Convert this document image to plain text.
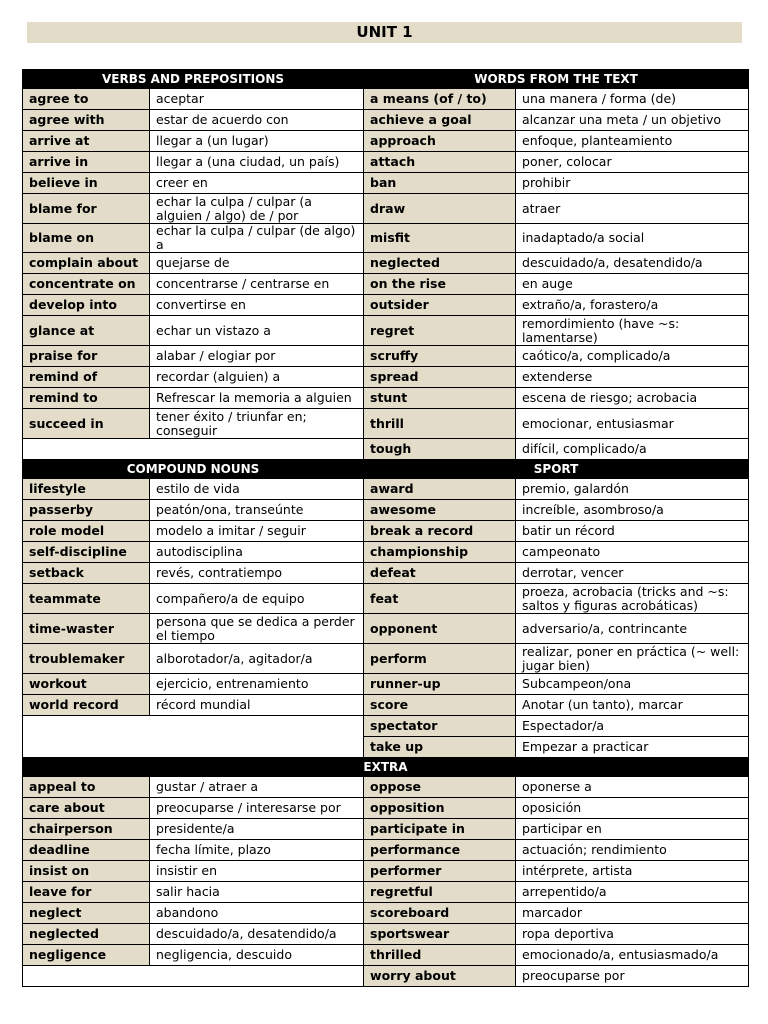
UNIT 1
VERBS AND PREPOSITIONS		WORDS FROM THE TEXT	
agree to	aceptar	a means (of / to)	una manera / forma (de)
agree with	estar de acuerdo con	achieve a goal	alcanzar una meta / un objetivo
arrive at	llegar a (un lugar)	approach	enfoque, planteamiento
arrive in	llegar a (una ciudad, un país)	attach	poner, colocar
believe in	creer en	ban	prohibir
blame for	echar la culpa / culpar (a alguien / algo) de / por	draw	atraer
blame on	echar la culpa / culpar (de algo) a	misfit	inadaptado/a social
complain about	quejarse de	neglected	descuidado/a, desatendido/a
concentrate on	concentrarse / centrarse en	on the rise	en auge
develop into	convertirse en	outsider	extraño/a, forastero/a
glance at	echar un vistazo a	regret	remordimiento (have ~s: lamentarse)
praise for	alabar / elogiar por	scruffy	caótico/a, complicado/a
remind of	recordar (alguien) a	spread	extenderse
remind to	Refrescar la memoria a alguien	stunt	escena de riesgo; acrobacia
succeed in	tener éxito / triunfar en; conseguir	thrill	emocionar, entusiasmar
		tough	difícil, complicado/a
COMPOUND NOUNS		SPORT	
lifestyle	estilo de vida	award	premio, galardón
passerby	peatón/ona, transeúnte	awesome	increíble, asombroso/a
role model	modelo a imitar / seguir	break a record	batir un récord
self-discipline	autodisciplina	championship	campeonato
setback	revés, contratiempo	defeat	derrotar, vencer
teammate	compañero/a de equipo	feat	proeza, acrobacia (tricks and ~s: saltos y figuras acrobáticas)
time-waster	persona que se dedica a perder el tiempo	opponent	adversario/a, contrincante
troublemaker	alborotador/a, agitador/a	perform	realizar, poner en práctica (~ well: jugar bien)
workout	ejercicio, entrenamiento	runner-up	Subcampeon/ona
world record	récord mundial	score	Anotar (un tanto), marcar
		spectator	Espectador/a
		take up	Empezar a practicar
EXTRA			
appeal to	gustar / atraer a	oppose	oponerse a
care about	preocuparse / interesarse por	opposition	oposición
chairperson	presidente/a	participate in	participar en
deadline	fecha límite, plazo	performance	actuación; rendimiento
insist on	insistir en	performer	intérprete, artista
leave for	salir hacia	regretful	arrepentido/a
neglect	abandono	scoreboard	marcador
neglected	descuidado/a, desatendido/a	sportswear	ropa deportiva
negligence	negligencia, descuido	thrilled	emocionado/a, entusiasmado/a
		worry about	preocuparse por
